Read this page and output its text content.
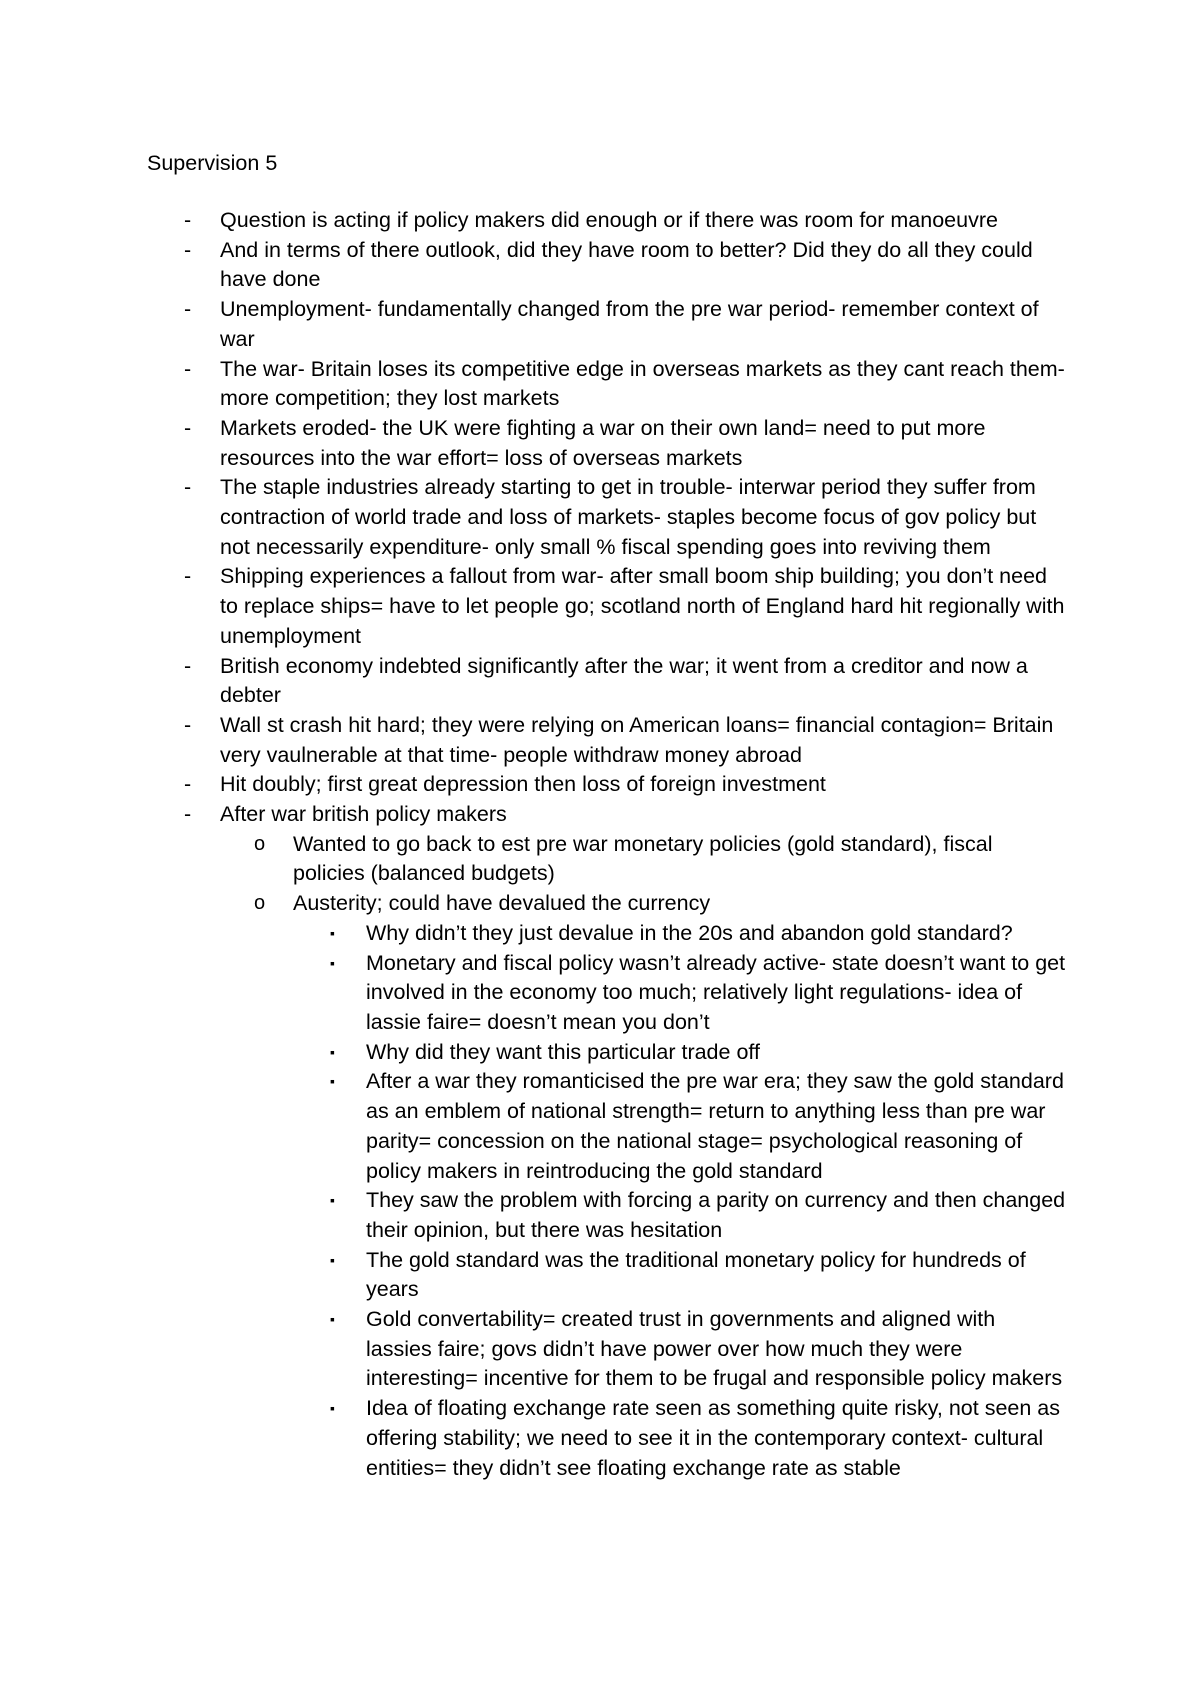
Supervision 5
- Question is acting if policy makers did enough or if there was room for manoeuvre
- And in terms of there outlook, did they have room to better? Did they do all they could have done
- Unemployment- fundamentally changed from the pre war period- remember context of war
- The war- Britain loses its competitive edge in overseas markets as they cant reach them- more competition; they lost markets
- Markets eroded- the UK were fighting a war on their own land= need to put more resources into the war effort= loss of overseas markets
- The staple industries already starting to get in trouble- interwar period they suffer from contraction of world trade and loss of markets- staples become focus of gov policy but not necessarily expenditure- only small % fiscal spending goes into reviving them
- Shipping experiences a fallout from war- after small boom ship building; you don’t need to replace ships= have to let people go; scotland north of England hard hit regionally with unemployment
- British economy indebted significantly after the war; it went from a creditor and now a debter
- Wall st crash hit hard; they were relying on American loans= financial contagion= Britain very vaulnerable at that time- people withdraw money abroad
- Hit doubly; first great depression then loss of foreign investment
- After war british policy makers
o Wanted to go back to est pre war monetary policies (gold standard), fiscal policies (balanced budgets)
o Austerity; could have devalued the currency
▪ Why didn’t they just devalue in the 20s and abandon gold standard?
▪ Monetary and fiscal policy wasn’t already active- state doesn’t want to get involved in the economy too much; relatively light regulations- idea of lassie faire= doesn’t mean you don’t
▪ Why did they want this particular trade off
▪ After a war they romanticised the pre war era; they saw the gold standard as an emblem of national strength= return to anything less than pre war parity= concession on the national stage= psychological reasoning of policy makers in reintroducing the gold standard
▪ They saw the problem with forcing a parity on currency and then changed their opinion, but there was hesitation
▪ The gold standard was the traditional monetary policy for hundreds of years
▪ Gold convertability= created trust in governments and aligned with lassies faire; govs didn’t have power over how much they were interesting= incentive for them to be frugal and responsible policy makers
▪ Idea of floating exchange rate seen as something quite risky, not seen as offering stability; we need to see it in the contemporary context- cultural entities= they didn’t see floating exchange rate as stable
